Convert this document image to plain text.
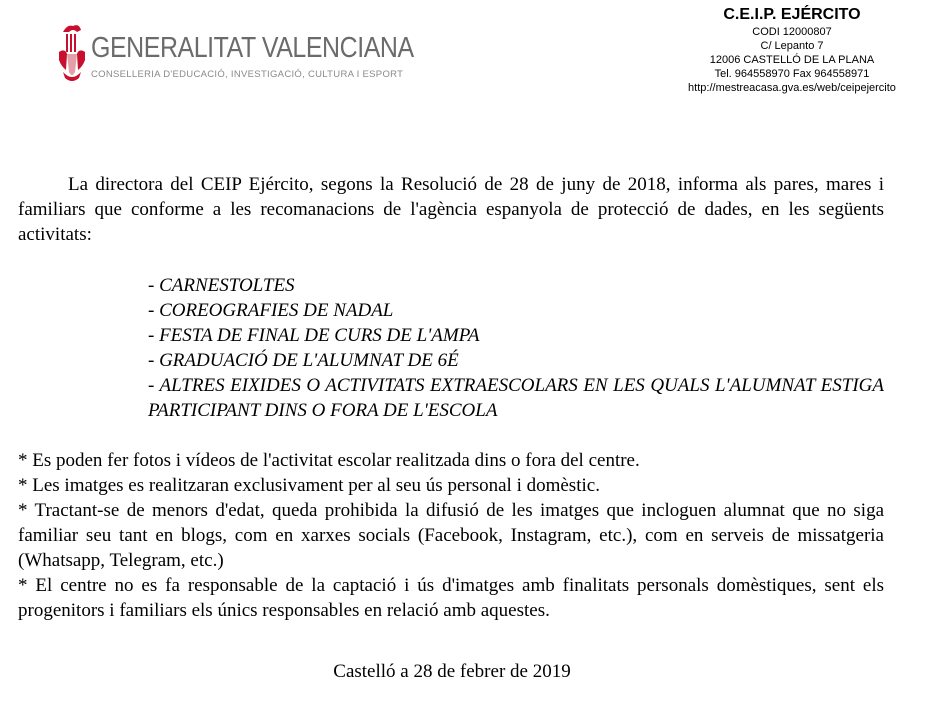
GENERALITAT VALENCIANA
CONSELLERIA D'EDUCACIÓ, INVESTIGACIÓ, CULTURA I ESPORT
C.E.I.P. EJÉRCITO
CODI 12000807
C/ Lepanto 7
12006 CASTELLÓ DE LA PLANA
Tel. 964558970 Fax 964558971
http://mestreacasa.gva.es/web/ceipejercito

La directora del CEIP Ejército, segons la Resolució de 28 de juny de 2018, informa als pares, mares i familiars que conforme a les recomanacions de l'agència espanyola de protecció de dades, en les següents activitats:

- CARNESTOLTES
- COREOGRAFIES DE NADAL
- FESTA DE FINAL DE CURS DE L'AMPA
- GRADUACIÓ DE L'ALUMNAT DE 6É
- ALTRES EIXIDES O ACTIVITATS EXTRAESCOLARS EN LES QUALS L'ALUMNAT ESTIGA PARTICIPANT DINS O FORA DE L'ESCOLA

* Es poden fer fotos i vídeos de l'activitat escolar realitzada dins o fora del centre.

* Les imatges es realitzaran exclusivament per al seu ús personal i domèstic.

* Tractant-se de menors d'edat, queda prohibida la difusió de les imatges que incloguen alumnat que no siga familiar seu tant en blogs, com en xarxes socials (Facebook, Instagram, etc.), com en serveis de missatgeria (Whatsapp, Telegram, etc.)

* El centre no es fa responsable de la captació i ús d'imatges amb finalitats personals domèstiques, sent els progenitors i familiars els únics responsables en relació amb aquestes.

Castelló a 28 de febrer de 2019
